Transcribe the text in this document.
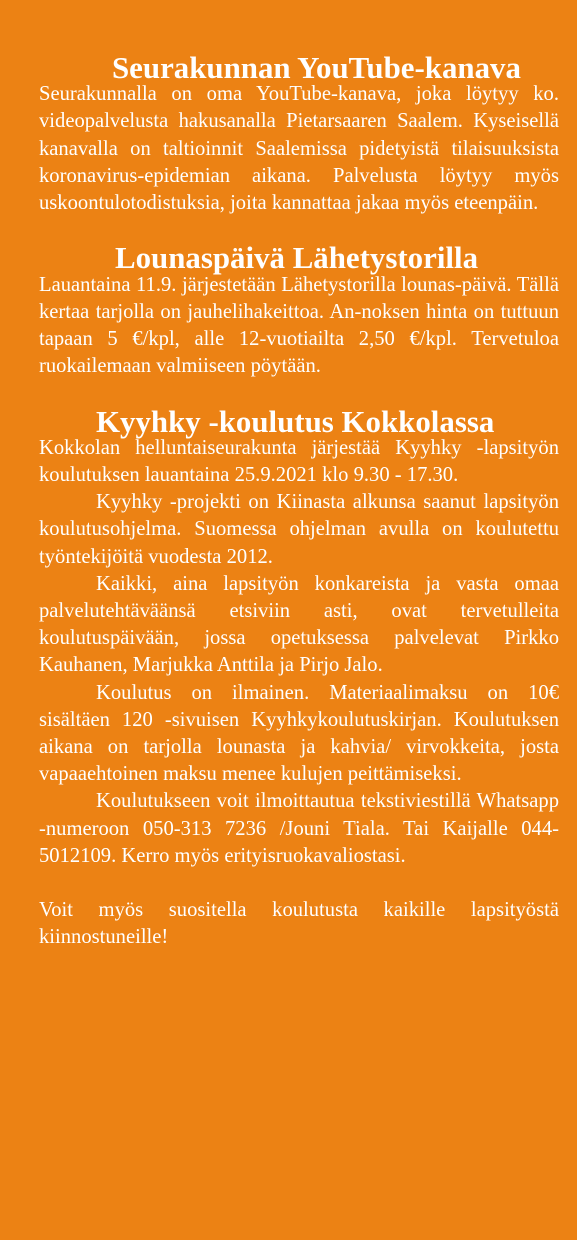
Seurakunnan YouTube-kanava

Seurakunnalla on oma YouTube-kanava, joka löytyy ko. videopalvelusta hakusanalla Pietarsaaren Saalem. Kyseisellä kanavalla on taltioinnit Saalemissa pidetyistä tilaisuuksista koronavirus-epidemian aikana. Palvelusta löytyy myös uskoontulotodistuksia, joita kannattaa jakaa myös eteenpäin.

Lounaspäivä Lähetystorilla

Lauantaina 11.9. järjestetään Lähetystorilla lounas-päivä. Tällä kertaa tarjolla on jauhelihakeittoa. An-noksen hinta on tuttuun tapaan 5 €/kpl, alle 12-vuotiailta 2,50 €/kpl. Tervetuloa ruokailemaan valmiiseen pöytään.

Kyyhky -koulutus Kokkolassa

Kokkolan helluntaiseurakunta järjestää Kyyhky -lapsityön koulutuksen lauantaina 25.9.2021 klo 9.30 - 17.30.

Kyyhky -projekti on Kiinasta alkunsa saanut lapsityön koulutusohjelma. Suomessa ohjelman avulla on koulutettu työntekijöitä vuodesta 2012.

Kaikki, aina lapsityön konkareista ja vasta omaa palvelutehtäväänsä etsiviin asti, ovat tervetulleita koulutuspäivään, jossa opetuksessa palvelevat Pirkko Kauhanen, Marjukka Anttila ja Pirjo Jalo.

Koulutus on ilmainen. Materiaalimaksu on 10€ sisältäen 120 -sivuisen Kyyhkykoulutuskirjan. Koulutuksen aikana on tarjolla lounasta ja kahvia/ virvokkeita, josta vapaaehtoinen maksu menee kulujen peittämiseksi.

Koulutukseen voit ilmoittautua tekstiviestillä Whatsapp -numeroon 050-313 7236 /Jouni Tiala. Tai Kaijalle 044-5012109. Kerro myös erityisruokavaliostasi.

Voit myös suositella koulutusta kaikille lapsityöstä kiinnostuneille!
